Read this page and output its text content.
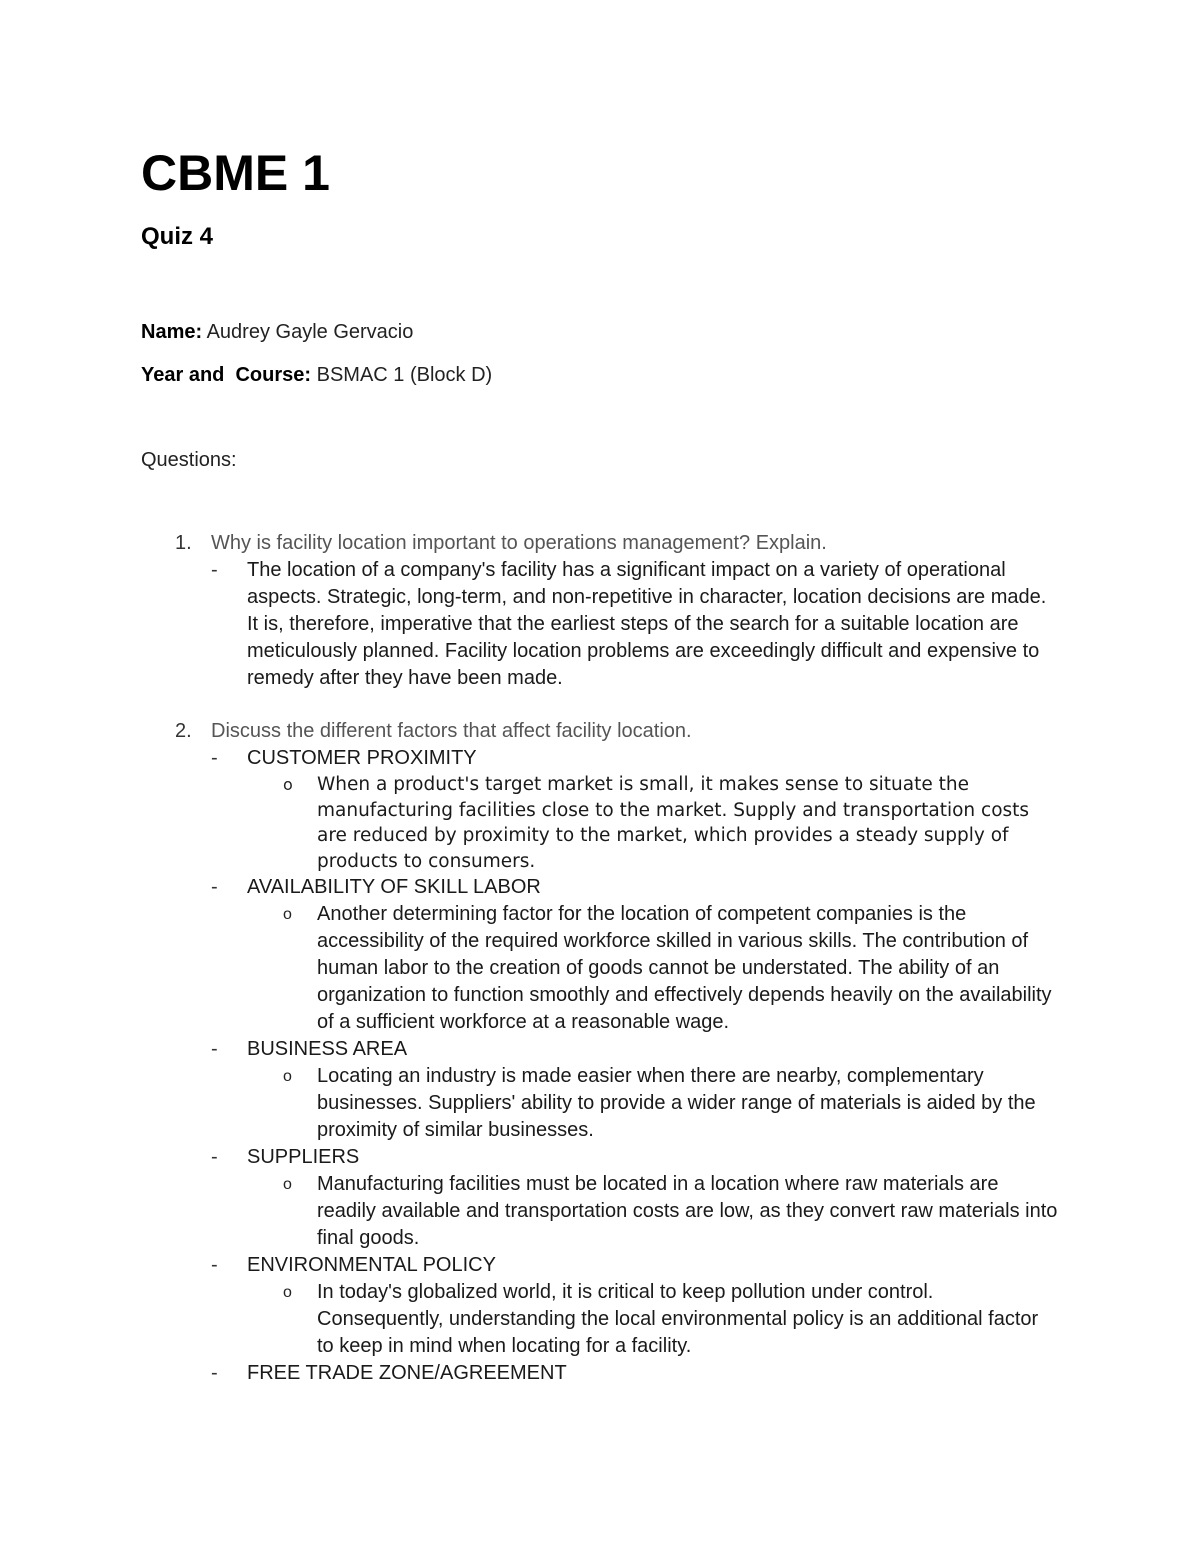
CBME 1
Quiz 4

Name: Audrey Gayle Gervacio

Year and  Course: BSMAC 1 (Block D)

Questions:

1. Why is facility location important to operations management? Explain.
- The location of a company's facility has a significant impact on a variety of operational aspects. Strategic, long-term, and non-repetitive in character, location decisions are made. It is, therefore, imperative that the earliest steps of the search for a suitable location are meticulously planned. Facility location problems are exceedingly difficult and expensive to remedy after they have been made.
2. Discuss the different factors that affect facility location.
- CUSTOMER PROXIMITY
o When a product's target market is small, it makes sense to situate the manufacturing facilities close to the market. Supply and transportation costs are reduced by proximity to the market, which provides a steady supply of products to consumers.
- AVAILABILITY OF SKILL LABOR
o Another determining factor for the location of competent companies is the accessibility of the required workforce skilled in various skills. The contribution of human labor to the creation of goods cannot be understated. The ability of an organization to function smoothly and effectively depends heavily on the availability of a sufficient workforce at a reasonable wage.
- BUSINESS AREA
o Locating an industry is made easier when there are nearby, complementary businesses. Suppliers' ability to provide a wider range of materials is aided by the proximity of similar businesses.
- SUPPLIERS
o Manufacturing facilities must be located in a location where raw materials are readily available and transportation costs are low, as they convert raw materials into final goods.
- ENVIRONMENTAL POLICY
o In today's globalized world, it is critical to keep pollution under control. Consequently, understanding the local environmental policy is an additional factor to keep in mind when locating for a facility.
- FREE TRADE ZONE/AGREEMENT
